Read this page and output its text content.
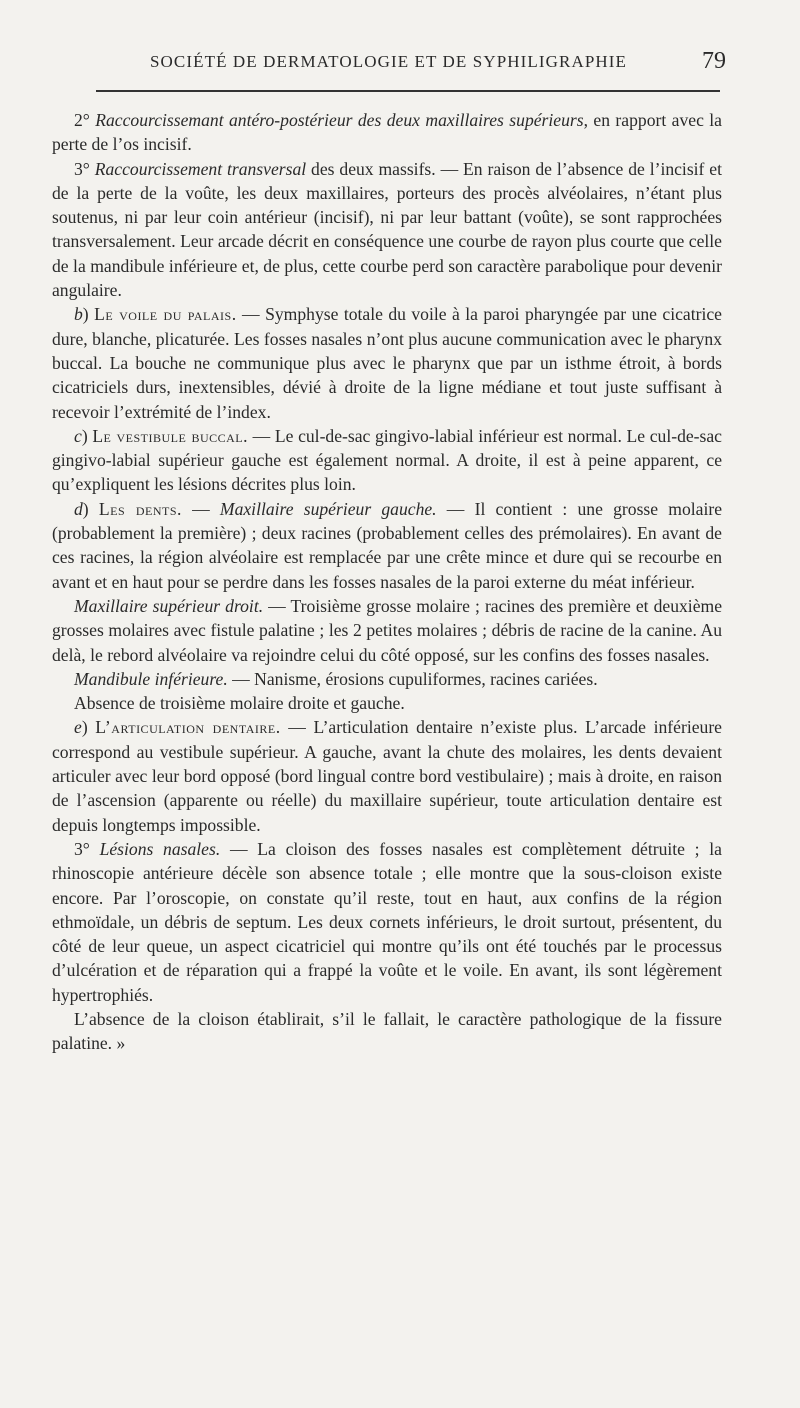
SOCIÉTÉ DE DERMATOLOGIE ET DE SYPHILIGRAPHIE	79

2° Raccourcissemant antéro-postérieur des deux maxillaires supérieurs, en rapport avec la perte de l’os incisif.

3° Raccourcissement transversal des deux massifs. — En raison de l’absence de l’incisif et de la perte de la voûte, les deux maxillaires, porteurs des procès alvéolaires, n’étant plus soutenus, ni par leur coin antérieur (incisif), ni par leur battant (voûte), se sont rapprochées transversalement. Leur arcade décrit en conséquence une courbe de rayon plus courte que celle de la mandibule inférieure et, de plus, cette courbe perd son caractère parabolique pour devenir angulaire.

b) Le voile du palais. — Symphyse totale du voile à la paroi pharyngée par une cicatrice dure, blanche, plicaturée. Les fosses nasales n’ont plus aucune communication avec le pharynx buccal. La bouche ne communique plus avec le pharynx que par un isthme étroit, à bords cicatriciels durs, inextensibles, dévié à droite de la ligne médiane et tout juste suffisant à recevoir l’extrémité de l’index.

c) Le vestibule buccal. — Le cul-de-sac gingivo-labial inférieur est normal. Le cul-de-sac gingivo-labial supérieur gauche est également normal. A droite, il est à peine apparent, ce qu’expliquent les lésions décrites plus loin.

d) Les dents. — Maxillaire supérieur gauche. — Il contient : une grosse molaire (probablement la première) ; deux racines (probablement celles des prémolaires). En avant de ces racines, la région alvéolaire est remplacée par une crête mince et dure qui se recourbe en avant et en haut pour se perdre dans les fosses nasales de la paroi externe du méat inférieur.

Maxillaire supérieur droit. — Troisième grosse molaire ; racines des première et deuxième grosses molaires avec fistule palatine ; les 2 petites molaires ; débris de racine de la canine. Au delà, le rebord alvéolaire va rejoindre celui du côté opposé, sur les confins des fosses nasales.

Mandibule inférieure. — Nanisme, érosions cupuliformes, racines cariées.

Absence de troisième molaire droite et gauche.

e) L’articulation dentaire. — L’articulation dentaire n’existe plus. L’arcade inférieure correspond au vestibule supérieur. A gauche, avant la chute des molaires, les dents devaient articuler avec leur bord opposé (bord lingual contre bord vestibulaire) ; mais à droite, en raison de l’ascension (apparente ou réelle) du maxillaire supérieur, toute articulation dentaire est depuis longtemps impossible.

3° Lésions nasales. — La cloison des fosses nasales est complètement détruite ; la rhinoscopie antérieure décèle son absence totale ; elle montre que la sous-cloison existe encore. Par l’oroscopie, on constate qu’il reste, tout en haut, aux confins de la région ethmoïdale, un débris de septum. Les deux cornets inférieurs, le droit surtout, présentent, du côté de leur queue, un aspect cicatriciel qui montre qu’ils ont été touchés par le processus d’ulcération et de réparation qui a frappé la voûte et le voile. En avant, ils sont légèrement hypertrophiés.

L’absence de la cloison établirait, s’il le fallait, le caractère pathologique de la fissure palatine. »
